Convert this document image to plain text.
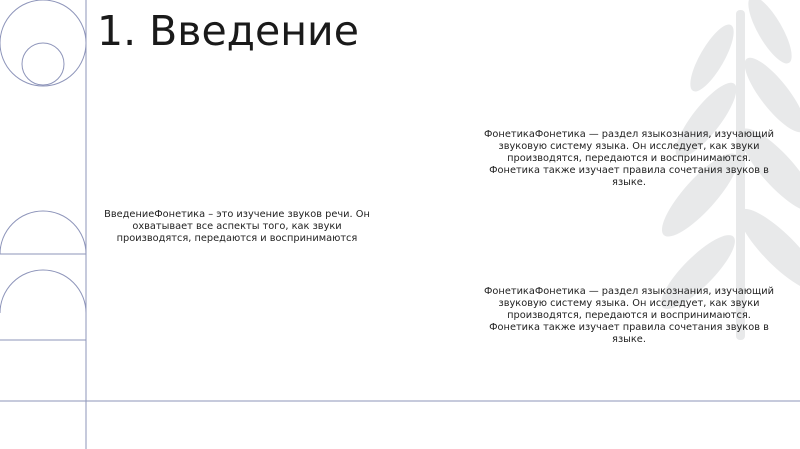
1. Введение

ВведениеФонетика – это изучение звуков речи. Он охватывает все аспекты того, как звуки производятся, передаются и воспринимаются

ФонетикаФонетика — раздел языкознания, изучающий звуковую систему языка. Он исследует, как звуки производятся, передаются и воспринимаются. Фонетика также изучает правила сочетания звуков в языке.

ФонетикаФонетика — раздел языкознания, изучающий звуковую систему языка. Он исследует, как звуки производятся, передаются и воспринимаются. Фонетика также изучает правила сочетания звуков в языке.
